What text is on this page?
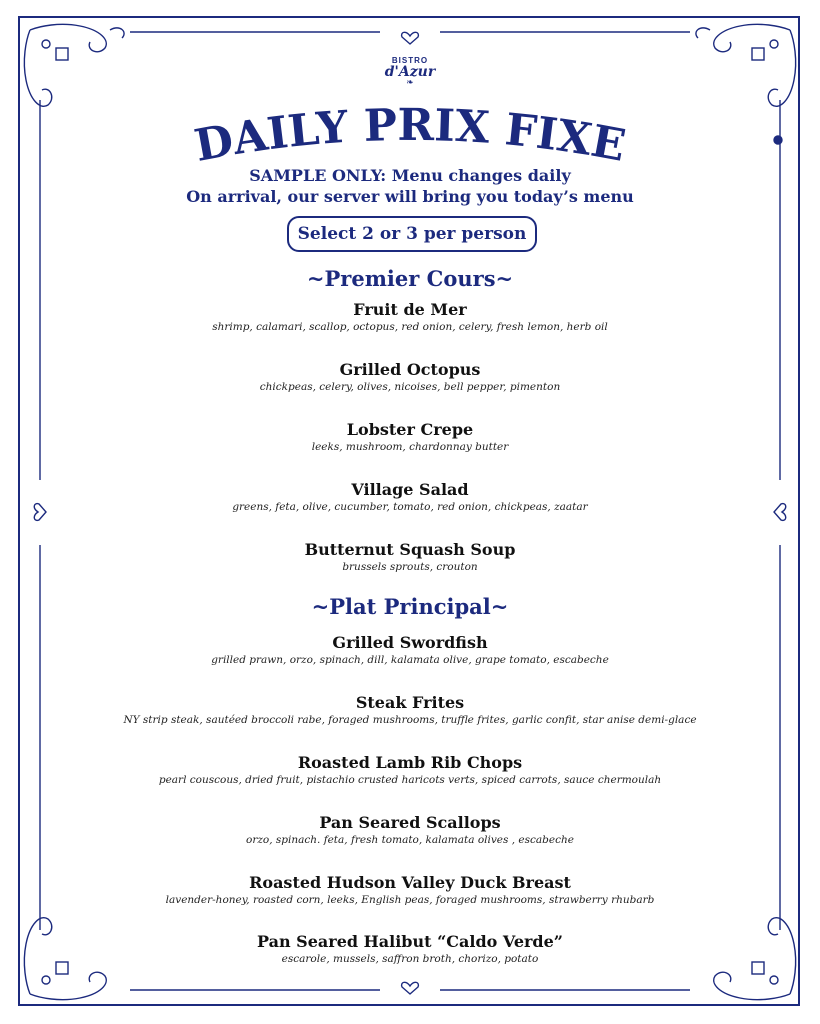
BISTRO
d'Azur
❧
DAILY PRIX FIXE
SAMPLE ONLY: Menu changes daily
On arrival, our server will bring you today’s menu
Select 2 or 3 per person
~Premier Cours~
Fruit de Mer
shrimp, calamari, scallop, octopus, red onion, celery, fresh lemon, herb oil
Grilled Octopus
chickpeas, celery, olives, nicoises, bell pepper, pimenton
Lobster Crepe
leeks, mushroom, chardonnay butter
Village Salad
greens, feta, olive, cucumber, tomato, red onion, chickpeas, zaatar
Butternut Squash Soup
brussels sprouts, crouton
~Plat Principal~
Grilled Swordfish
grilled prawn, orzo, spinach, dill, kalamata olive, grape tomato, escabeche
Steak Frites
NY strip steak, sautéed broccoli rabe, foraged mushrooms, truffle frites, garlic confit, star anise demi-glace
Roasted Lamb Rib Chops
pearl couscous, dried fruit, pistachio crusted haricots verts, spiced carrots, sauce chermoulah
Pan Seared Scallops
orzo, spinach. feta, fresh tomato, kalamata olives , escabeche
Roasted Hudson Valley Duck Breast
lavender-honey, roasted corn, leeks, English peas, foraged mushrooms, strawberry rhubarb
Pan Seared Halibut “Caldo Verde”
escarole, mussels, saffron broth, chorizo, potato
